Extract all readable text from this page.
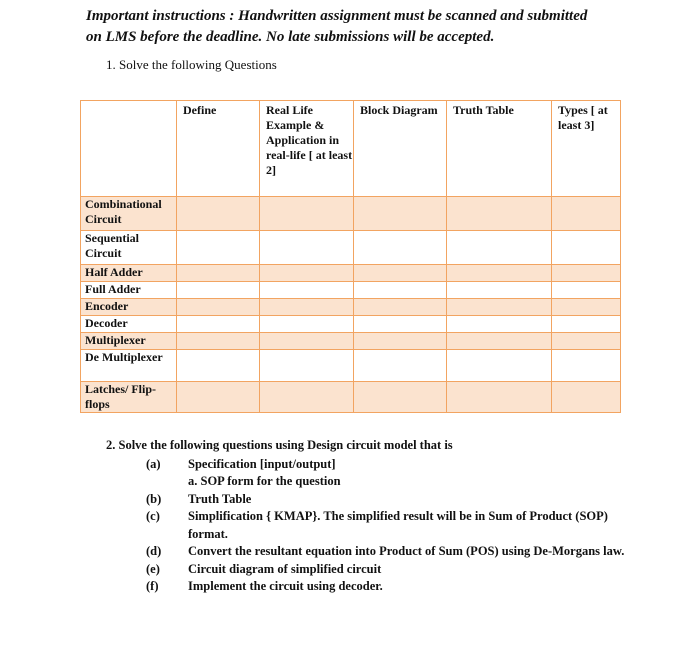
Important instructions : Handwritten assignment must be scanned and submitted
on LMS before the deadline. No late submissions will be accepted.
1. Solve the following Questions
	Define	Real Life Example & Application in real-life [ at least 2]	Block Diagram	Truth Table	Types [ at least 3]
Combinational Circuit					
Sequential Circuit					
Half Adder					
Full Adder					
Encoder					
Decoder					
Multiplexer					
De Multiplexer					
Latches/ Flip-flops					
2. Solve the following questions using Design circuit model that is
(a)	Specification [input/output]
a. SOP form for the question
(b)	Truth Table
(c)	Simplification { KMAP}. The simplified result will be in Sum of Product (SOP) format.
(d)	Convert the resultant equation into Product of Sum (POS) using De-Morgans law.
(e)	Circuit diagram of simplified circuit
(f)	Implement the circuit using decoder.
